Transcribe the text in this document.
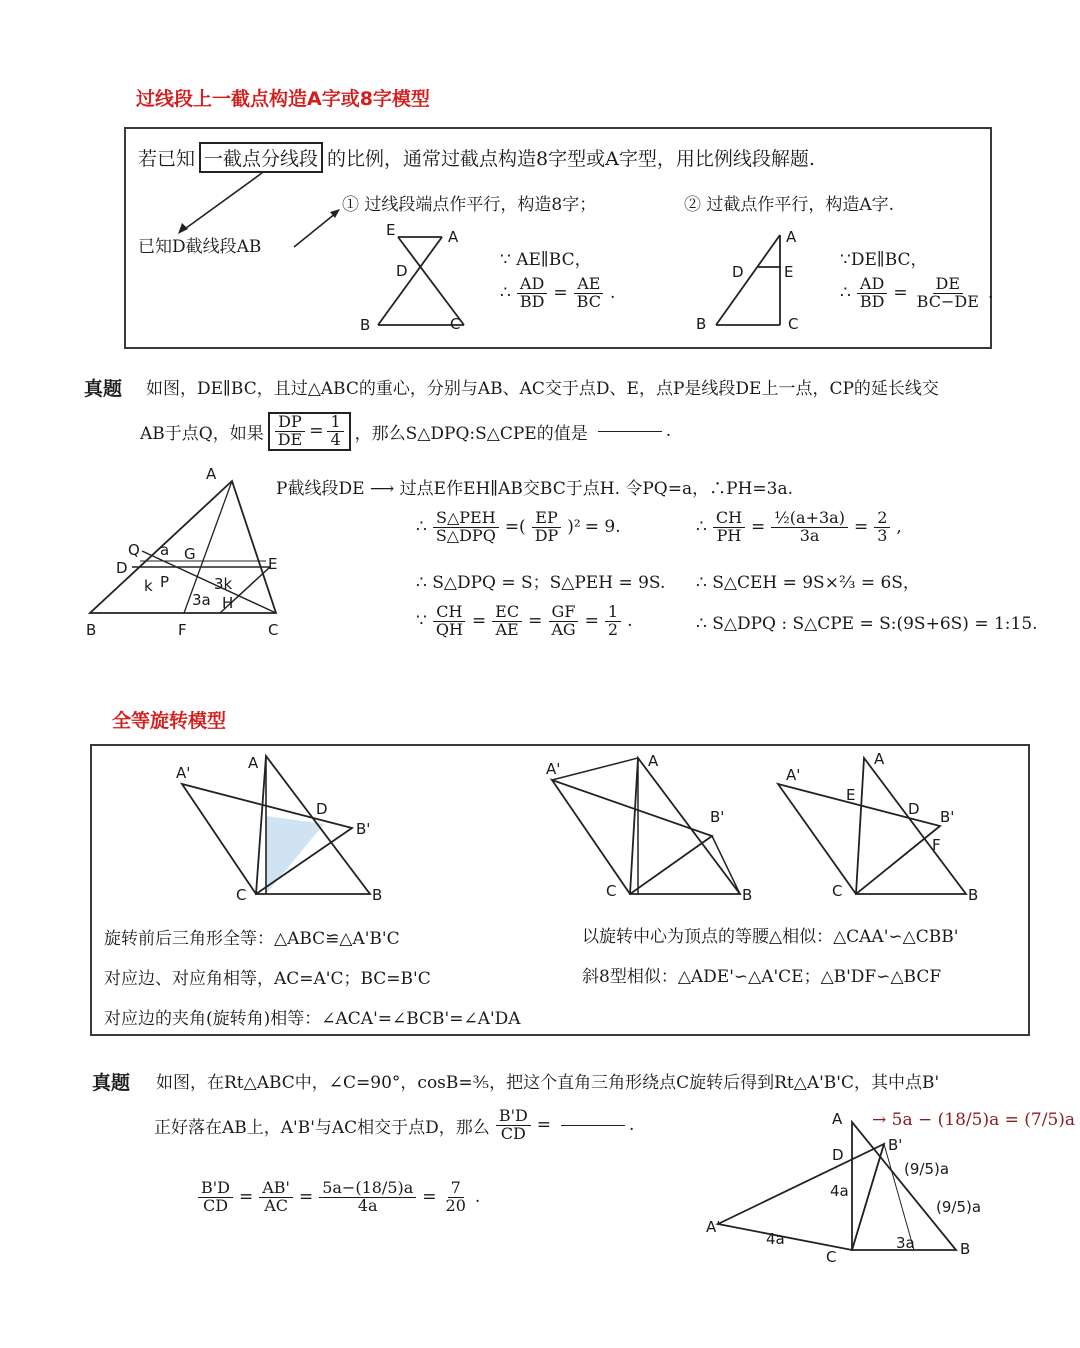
过线段上一截点构造A字或8字模型
若已知 一截点分线段 的比例，通常过截点构造8字型或A字型，用比例线段解题.
E	A
D
B	C
A
D	E
B	C
已知D截线段AB
① 过线段端点作平行，构造8字；	② 过截点作平行，构造A字.
∵ AE∥BC，
∴ $\frac{AD}{BD} = \frac{AE}{BC}$ .
∵DE∥BC，
∴ $\frac{AD}{BD} = \frac{DE}{BC-DE}$ .
真题 如图，DE∥BC，且过△ABC的重心，分别与AB、AC交于点D、E，点P是线段DE上一点，CP的延长线交
AB于点Q，如果 $\frac{DP}{DE} = \frac{1}{4}$ ，那么S△DPQ:S△CPE的值是	.
A
Q a G
D	E
k P	3k
3a H
B	F	C
P截线段DE ⟶ 过点E作EH∥AB交BC于点H. 令PQ=a，∴PH=3a.
∴ $\frac{\text{S△PEH}}{\text{S△DPQ}}$ =( $\frac{EP}{DP} )^2 = 9$.
∴ S△DPQ = S；S△PEH = 9S.
∵ $\frac{CH}{QH} = \frac{EC}{AE} = \frac{GF}{AG} = \frac{1}{2}$ .
∴ $\frac{CH}{PH} = \frac{\text{½(a+3a)}}{3a} = \frac{2}{3}$ ,
∴ S△CEH = 9S×⅔ = 6S，
∴ S△DPQ : S△CPE = S:(9S+6S) = 1:15.
全等旋转模型
A'
A
D
B'
C	B
A'	A
B'
C	B
A'
A
E
D B'
F
C	B
旋转前后三角形全等：△ABC≌△A'B'C
对应边、对应角相等，AC=A'C；BC=B'C
对应边的夹角(旋转角)相等：∠ACA'=∠BCB'=∠A'DA
以旋转中心为顶点的等腰△相似：△CAA'∽△CBB'
斜8型相似：△ADE'∽△A'CE；△B'DF∽△BCF
真题 如图，在Rt△ABC中，∠C=90°，cosB=⅗，把这个直角三角形绕点C旋转后得到Rt△A'B'C，其中点B'
正好落在AB上，A'B'与AC相交于点D，那么 $\frac{B'D}{CD}$ =	.
$\frac{B'D}{CD} = \frac{AB'}{AC} = \frac{5a-(18/5)a}{4a} = \frac{7}{20}$ .
→ 5a − (18/5)a = (7/5)a
A
D
B'
(9/5)a
(9/5)a
4a
4a	3a
A'
C	B
